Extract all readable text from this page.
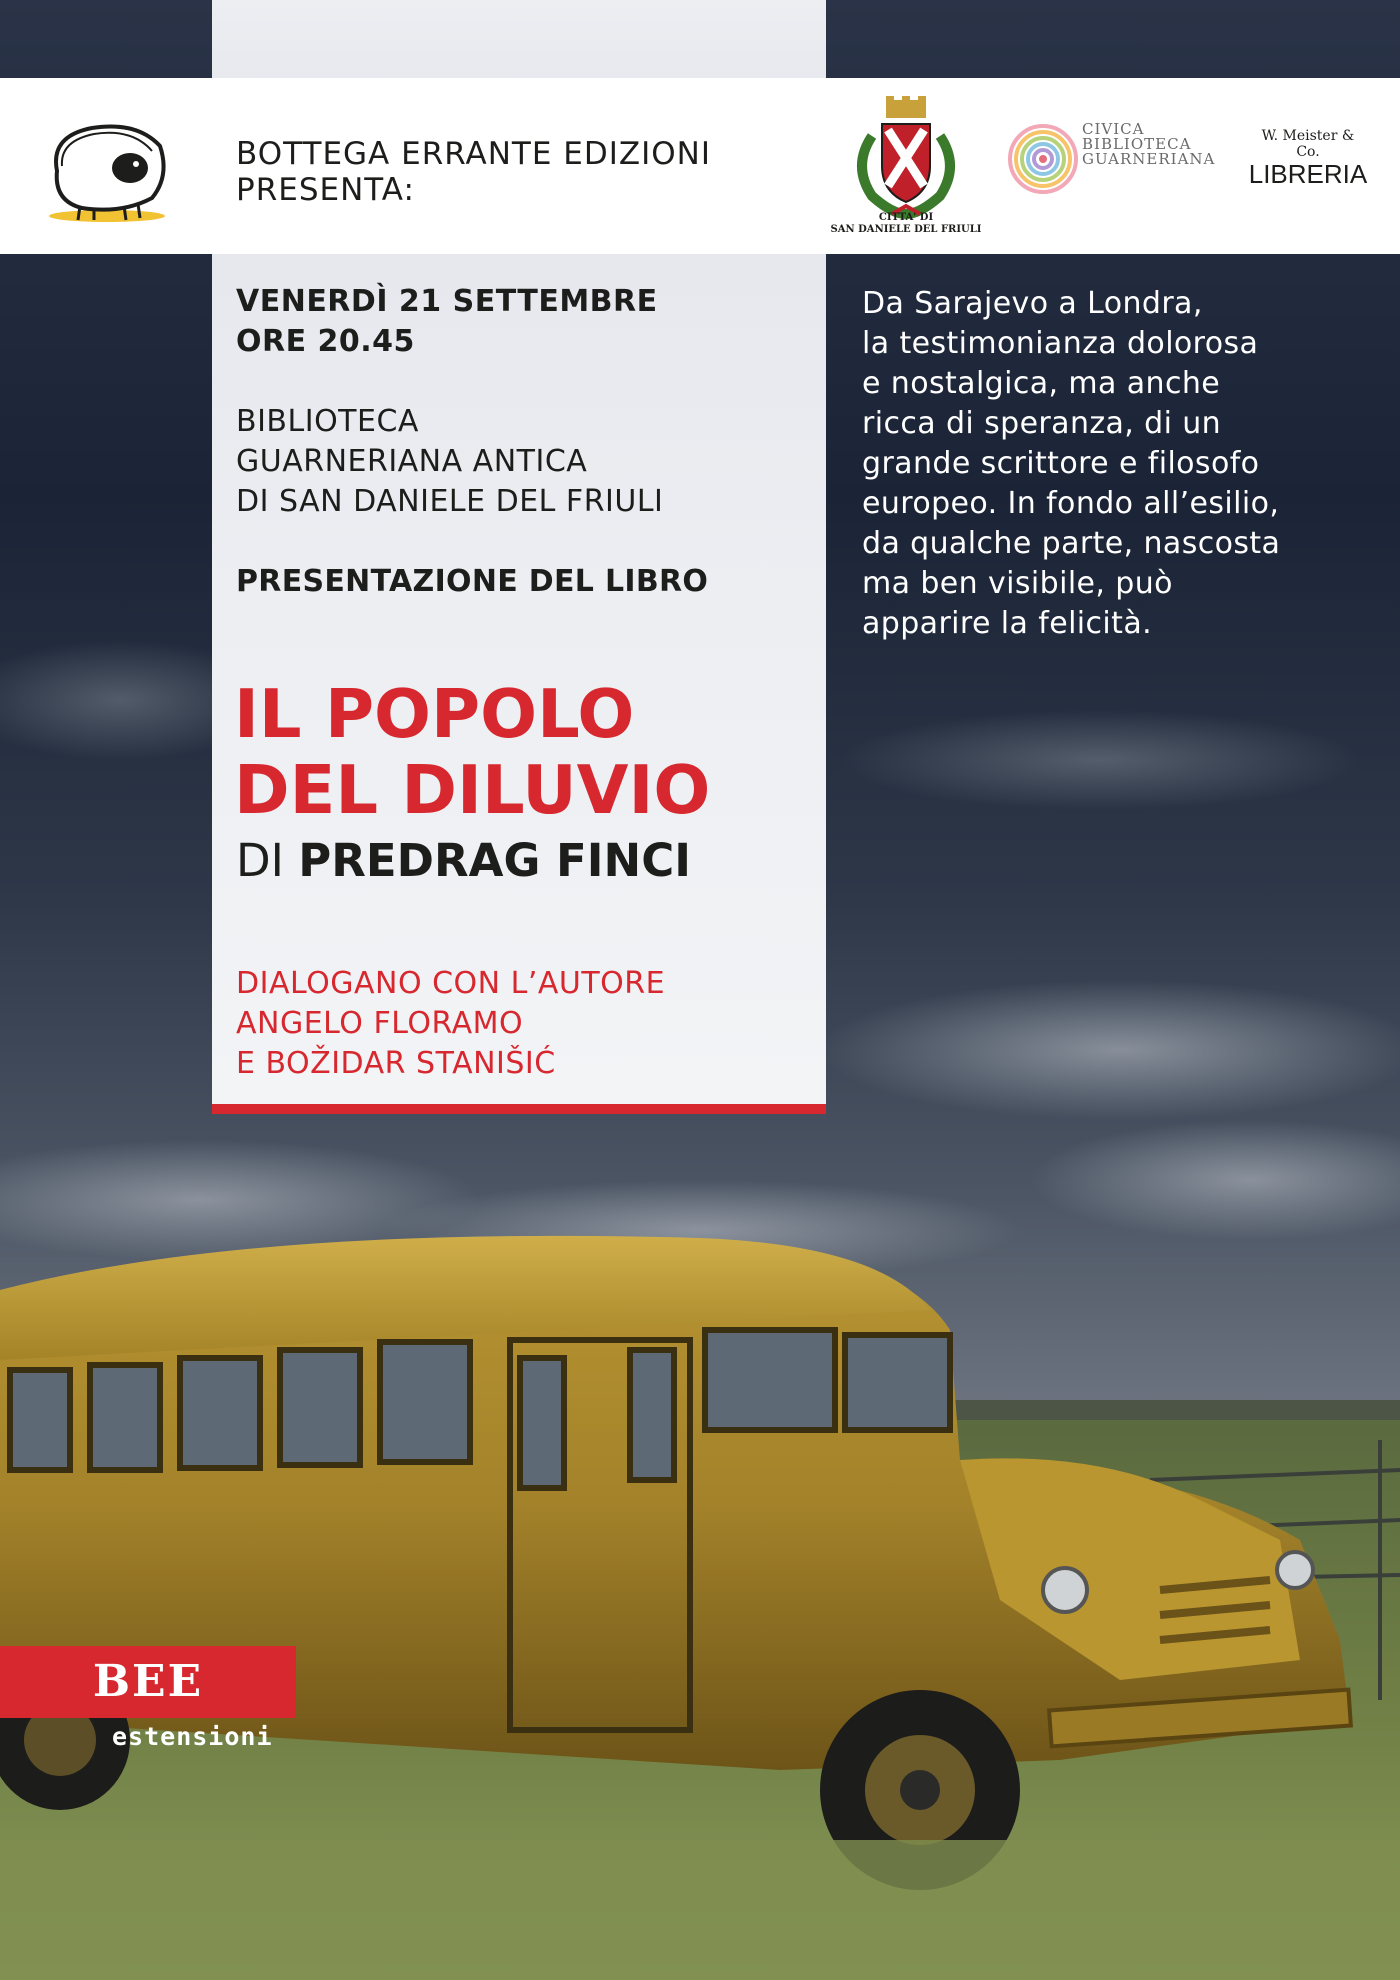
BOTTEGA ERRANTE EDIZIONI
PRESENTA:
CITTA' DI
SAN DANIELE DEL FRIULI
CIVICA
BIBLIOTECA
GUARNERIANA
W. Meister & Co.
LIBRERIA
VENERDÌ 21 SETTEMBRE
ORE 20.45
BIBLIOTECA
GUARNERIANA ANTICA
DI SAN DANIELE DEL FRIULI
PRESENTAZIONE DEL LIBRO
IL POPOLO
DEL DILUVIO
DI PREDRAG FINCI
DIALOGANO CON L’AUTORE
ANGELO FLORAMO
E BOŽIDAR STANIŠIĆ
Da Sarajevo a Londra,
la testimonianza dolorosa
e nostalgica, ma anche
ricca di speranza, di un
grande scrittore e filosofo
europeo. In fondo all’esilio,
da qualche parte, nascosta
ma ben visibile, può
apparire la felicità.
BEE
estensioni
